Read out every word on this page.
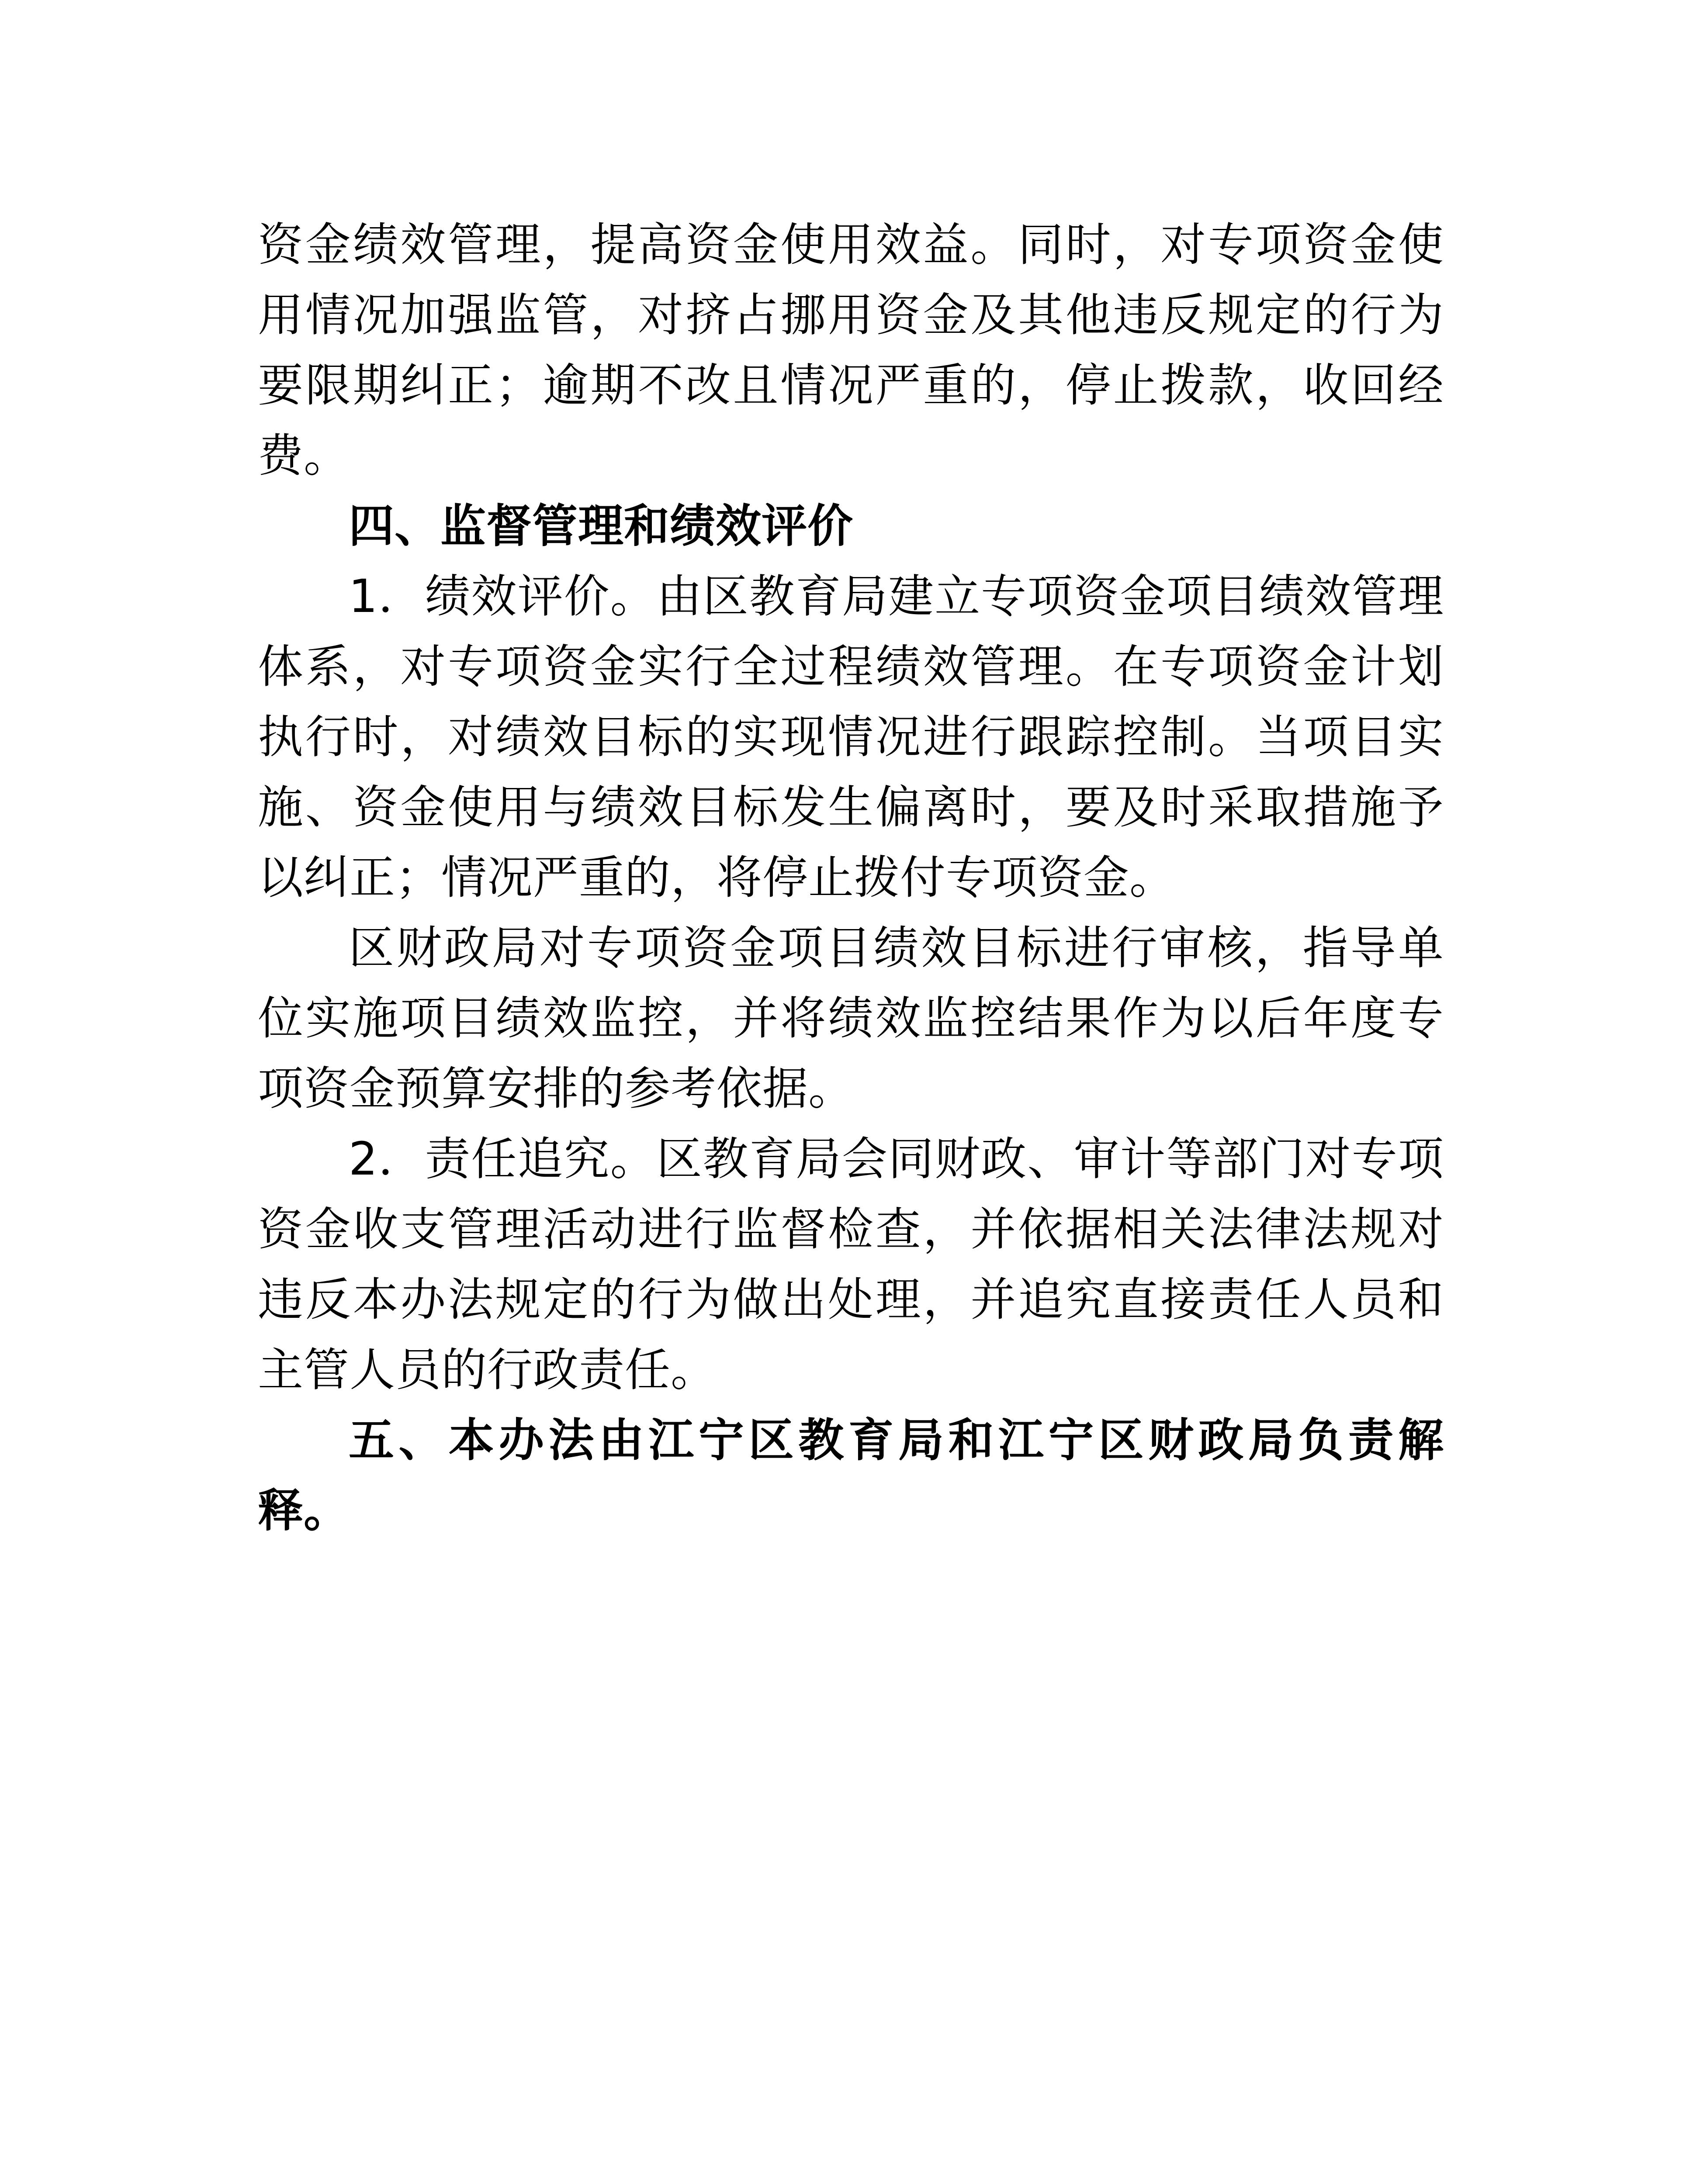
资金绩效管理，提高资金使用效益。同时，对专项资金使用情况加强监管，对挤占挪用资金及其他违反规定的行为要限期纠正；逾期不改且情况严重的，停止拨款，收回经费。

四、监督管理和绩效评价

1．绩效评价。由区教育局建立专项资金项目绩效管理体系，对专项资金实行全过程绩效管理。在专项资金计划执行时，对绩效目标的实现情况进行跟踪控制。当项目实施、资金使用与绩效目标发生偏离时，要及时采取措施予以纠正；情况严重的，将停止拨付专项资金。

区财政局对专项资金项目绩效目标进行审核，指导单位实施项目绩效监控，并将绩效监控结果作为以后年度专项资金预算安排的参考依据。

2．责任追究。区教育局会同财政、审计等部门对专项资金收支管理活动进行监督检查，并依据相关法律法规对违反本办法规定的行为做出处理，并追究直接责任人员和主管人员的行政责任。

五、本办法由江宁区教育局和江宁区财政局负责解释。
